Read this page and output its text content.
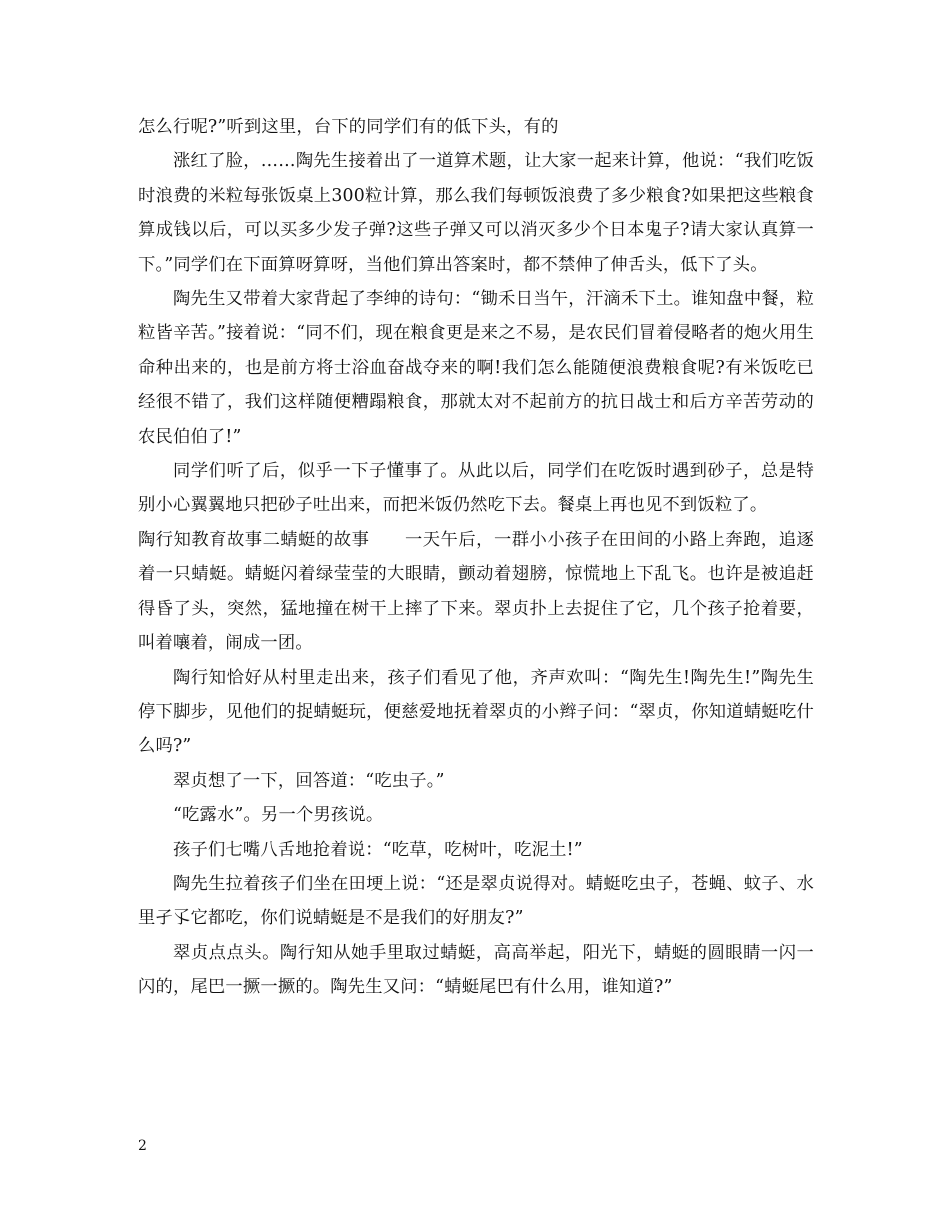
怎么行呢?”听到这里，台下的同学们有的低下头，有的

涨红了脸，……陶先生接着出了一道算术题，让大家一起来计算，他说：“我们吃饭时浪费的米粒每张饭桌上300粒计算，那么我们每顿饭浪费了多少粮食?如果把这些粮食算成钱以后，可以买多少发子弹?这些子弹又可以消灭多少个日本鬼子?请大家认真算一下。”同学们在下面算呀算呀，当他们算出答案时，都不禁伸了伸舌头，低下了头。

陶先生又带着大家背起了李绅的诗句：“锄禾日当午，汗滴禾下土。谁知盘中餐，粒粒皆辛苦。”接着说：“同不们，现在粮食更是来之不易，是农民们冒着侵略者的炮火用生命种出来的，也是前方将士浴血奋战夺来的啊!我们怎么能随便浪费粮食呢?有米饭吃已经很不错了，我们这样随便糟蹋粮食，那就太对不起前方的抗日战士和后方辛苦劳动的农民伯伯了!”

同学们听了后，似乎一下子懂事了。从此以后，同学们在吃饭时遇到砂子，总是特别小心翼翼地只把砂子吐出来，而把米饭仍然吃下去。餐桌上再也见不到饭粒了。

陶行知教育故事二蜻蜓的故事　　一天午后，一群小小孩子在田间的小路上奔跑，追逐着一只蜻蜓。蜻蜓闪着绿莹莹的大眼睛，颤动着翅膀，惊慌地上下乱飞。也许是被追赶得昏了头，突然，猛地撞在树干上摔了下来。翠贞扑上去捉住了它，几个孩子抢着要，叫着嚷着，闹成一团。

陶行知恰好从村里走出来，孩子们看见了他，齐声欢叫：“陶先生!陶先生!”陶先生停下脚步，见他们的捉蜻蜓玩，便慈爱地抚着翠贞的小辫子问：“翠贞，你知道蜻蜓吃什么吗?”

翠贞想了一下，回答道：“吃虫子。”

“吃露水”。另一个男孩说。

孩子们七嘴八舌地抢着说：“吃草，吃树叶，吃泥土!”

陶先生拉着孩子们坐在田埂上说：“还是翠贞说得对。蜻蜓吃虫子，苍蝇、蚊子、水里孑孓它都吃，你们说蜻蜓是不是我们的好朋友?”

翠贞点点头。陶行知从她手里取过蜻蜓，高高举起，阳光下，蜻蜓的圆眼睛一闪一闪的，尾巴一撅一撅的。陶先生又问：“蜻蜓尾巴有什么用，谁知道?”

2
